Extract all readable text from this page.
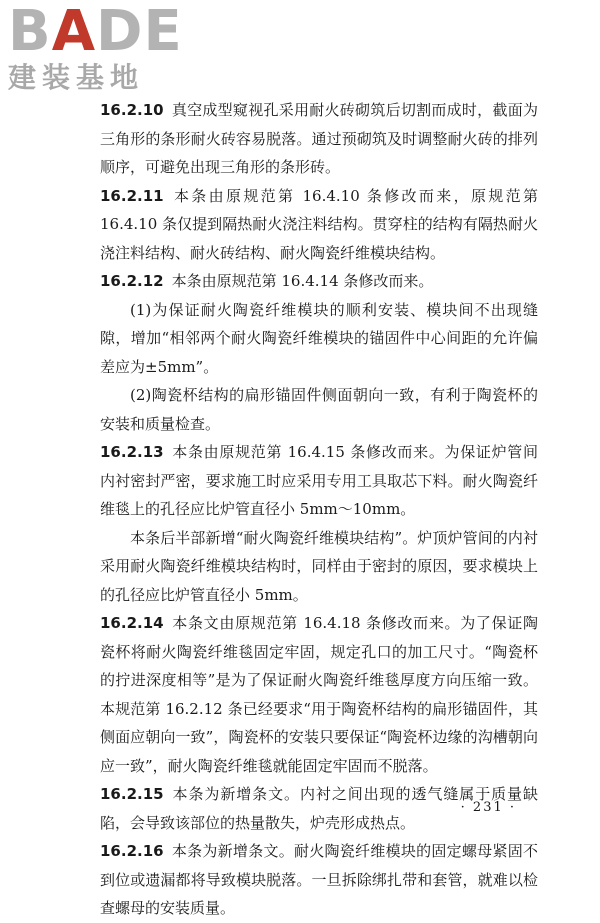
BADE
建装基地

16.2.10 真空成型窥视孔采用耐火砖砌筑后切割而成时，截面为三角形的条形耐火砖容易脱落。通过预砌筑及时调整耐火砖的排列顺序，可避免出现三角形的条形砖。

16.2.11 本条由原规范第 16.4.10 条修改而来，原规范第 16.4.10 条仅提到隔热耐火浇注料结构。贯穿柱的结构有隔热耐火浇注料结构、耐火砖结构、耐火陶瓷纤维模块结构。

16.2.12 本条由原规范第 16.4.14 条修改而来。

(1)为保证耐火陶瓷纤维模块的顺利安装、模块间不出现缝隙，增加“相邻两个耐火陶瓷纤维模块的锚固件中心间距的允许偏差应为±5mm”。

(2)陶瓷杯结构的扁形锚固件侧面朝向一致，有利于陶瓷杯的安装和质量检查。

16.2.13 本条由原规范第 16.4.15 条修改而来。为保证炉管间内衬密封严密，要求施工时应采用专用工具取芯下料。耐火陶瓷纤维毯上的孔径应比炉管直径小 5mm～10mm。

本条后半部新增“耐火陶瓷纤维模块结构”。炉顶炉管间的内衬采用耐火陶瓷纤维模块结构时，同样由于密封的原因，要求模块上的孔径应比炉管直径小 5mm。

16.2.14 本条文由原规范第 16.4.18 条修改而来。为了保证陶瓷杯将耐火陶瓷纤维毯固定牢固，规定孔口的加工尺寸。“陶瓷杯的拧进深度相等”是为了保证耐火陶瓷纤维毯厚度方向压缩一致。本规范第 16.2.12 条已经要求“用于陶瓷杯结构的扁形锚固件，其侧面应朝向一致”，陶瓷杯的安装只要保证“陶瓷杯边缘的沟槽朝向应一致”，耐火陶瓷纤维毯就能固定牢固而不脱落。

16.2.15 本条为新增条文。内衬之间出现的透气缝属于质量缺陷，会导致该部位的热量散失，炉壳形成热点。

16.2.16 本条为新增条文。耐火陶瓷纤维模块的固定螺母紧固不到位或遗漏都将导致模块脱落。一旦拆除绑扎带和套管，就难以检查螺母的安装质量。

· 231 ·
